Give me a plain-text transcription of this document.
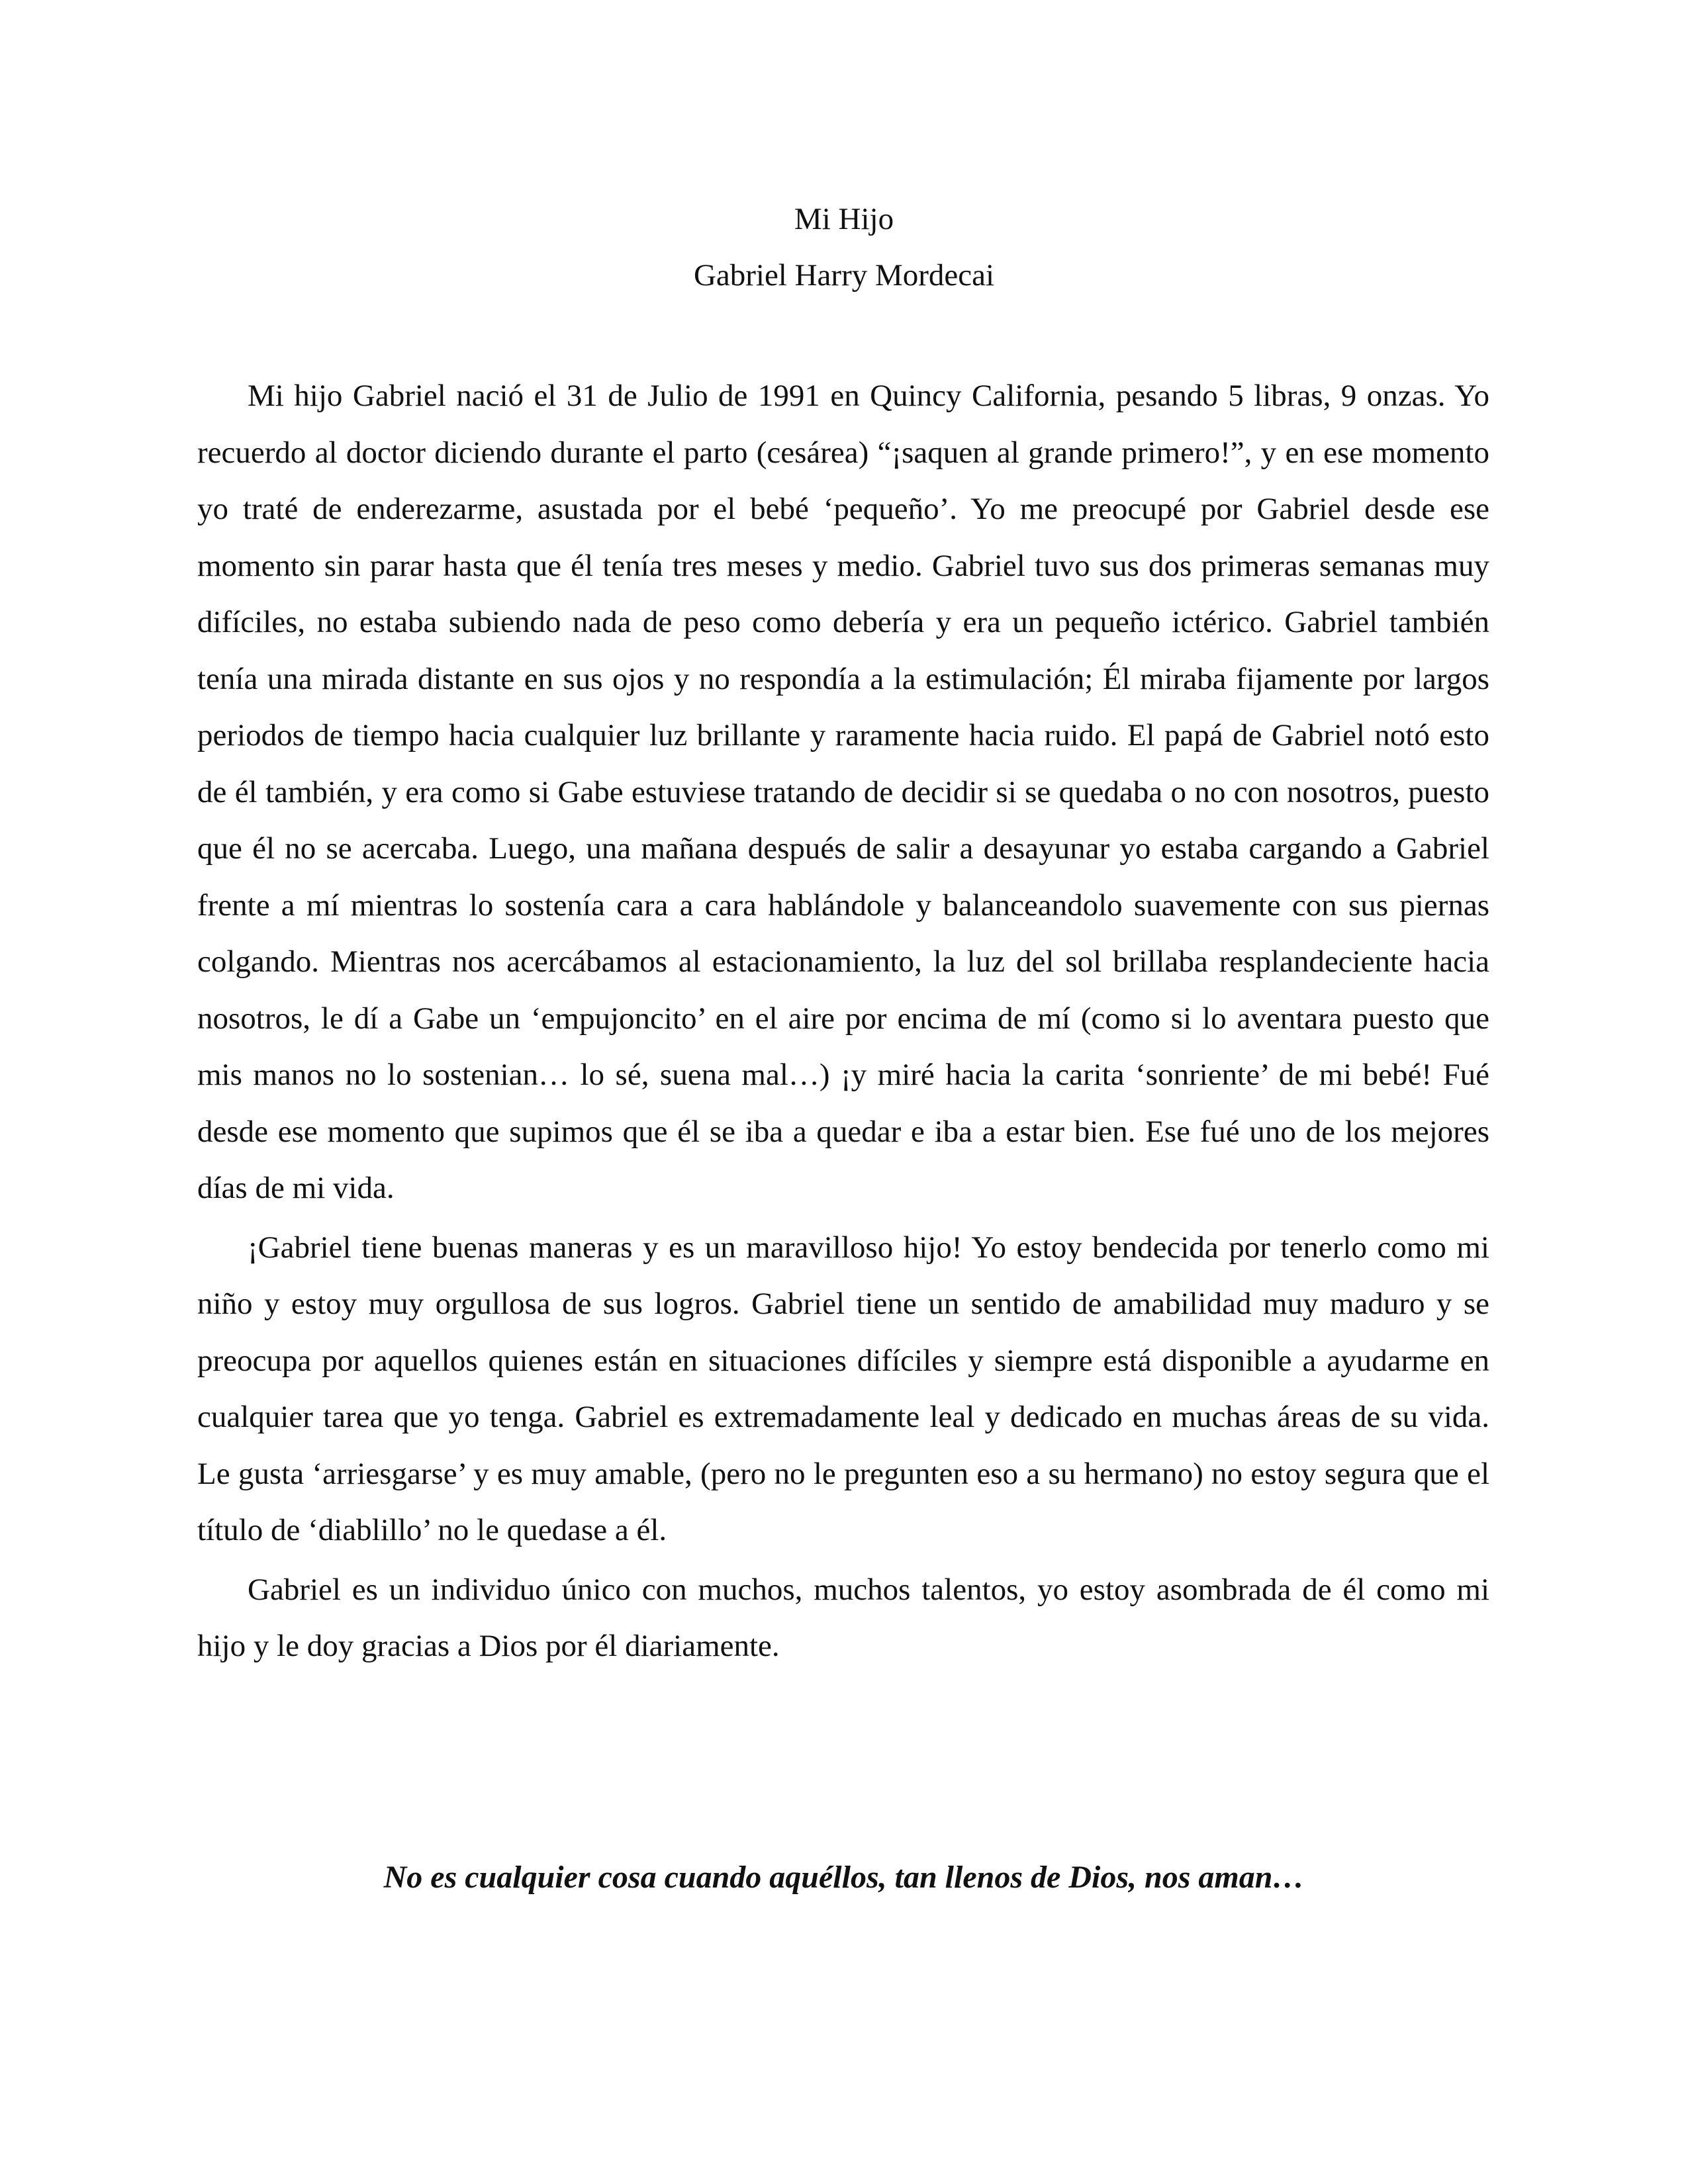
Mi Hijo
Gabriel Harry Mordecai

Mi hijo Gabriel nació el 31 de Julio de 1991 en Quincy California, pesando 5 libras, 9 onzas. Yo recuerdo al doctor diciendo durante el parto (cesárea) “¡saquen al grande primero!”, y en ese momento yo traté de enderezarme, asustada por el bebé ‘pequeño’. Yo me preocupé por Gabriel desde ese momento sin parar hasta que él tenía tres meses y medio. Gabriel tuvo sus dos primeras semanas muy difíciles, no estaba subiendo nada de peso como debería y era un pequeño ictérico. Gabriel también tenía una mirada distante en sus ojos y no respondía a la estimulación; Él miraba fijamente por largos periodos de tiempo hacia cualquier luz brillante y raramente hacia ruido. El papá de Gabriel notó esto de él también, y era como si Gabe estuviese tratando de decidir si se quedaba o no con nosotros, puesto que él no se acercaba. Luego, una mañana después de salir a desayunar yo estaba cargando a Gabriel frente a mí mientras lo sostenía cara a cara hablándole y balanceandolo suavemente con sus piernas colgando. Mientras nos acercábamos al estacionamiento, la luz del sol brillaba resplandeciente hacia nosotros, le dí a Gabe un ‘empujoncito’ en el aire por encima de mí (como si lo aventara puesto que mis manos no lo sostenian… lo sé, suena mal…) ¡y miré hacia la carita ‘sonriente’ de mi bebé! Fué desde ese momento que supimos que él se iba a quedar e iba a estar bien. Ese fué uno de los mejores días de mi vida.

¡Gabriel tiene buenas maneras y es un maravilloso hijo! Yo estoy bendecida por tenerlo como mi niño y estoy muy orgullosa de sus logros. Gabriel tiene un sentido de amabilidad muy maduro y se preocupa por aquellos quienes están en situaciones difíciles y siempre está disponible a ayudarme en cualquier tarea que yo tenga. Gabriel es extremadamente leal y dedicado en muchas áreas de su vida. Le gusta ‘arriesgarse’ y es muy amable, (pero no le pregunten eso a su hermano) no estoy segura que el título de ‘diablillo’ no le quedase a él.

Gabriel es un individuo único con muchos, muchos talentos, yo estoy asombrada de él como mi hijo y le doy gracias a Dios por él diariamente.

No es cualquier cosa cuando aquéllos, tan llenos de Dios, nos aman…
